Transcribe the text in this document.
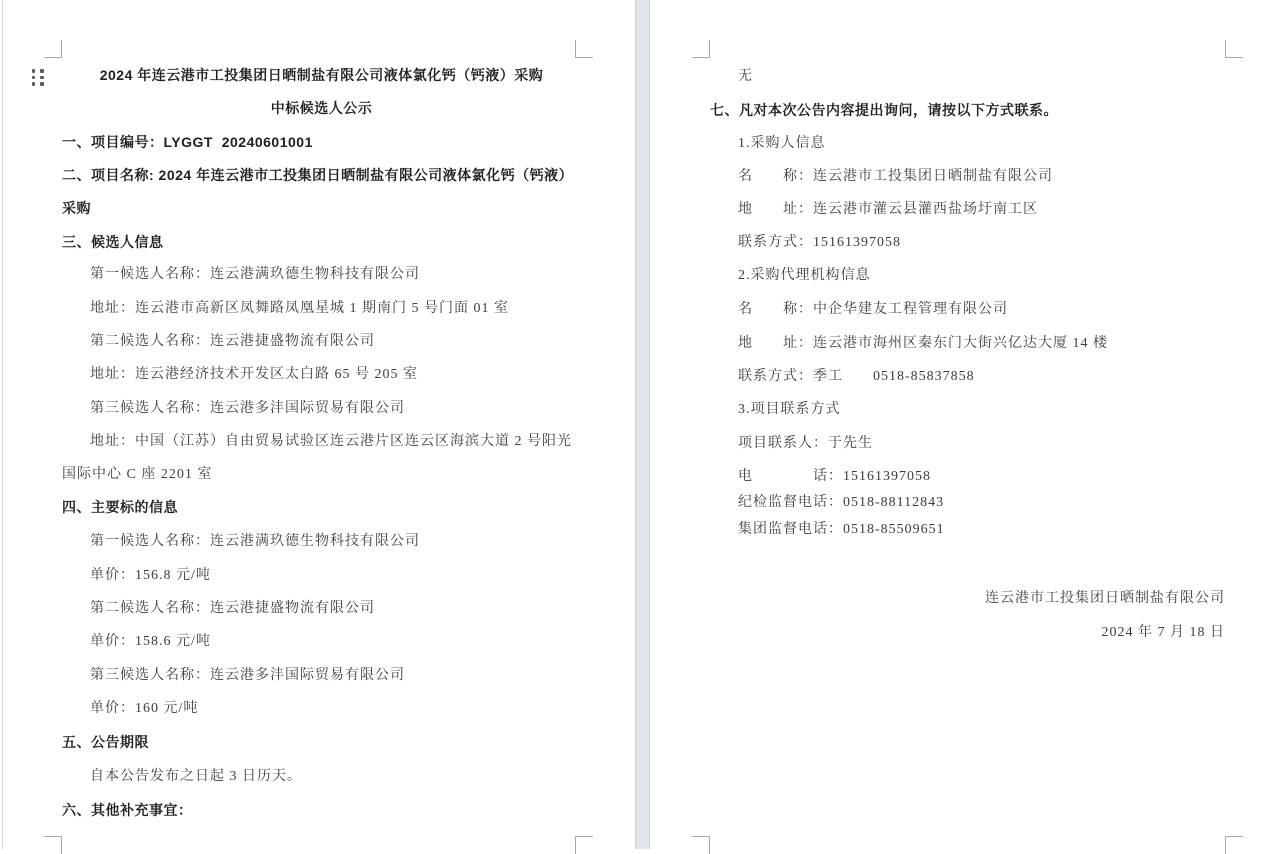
2024 年连云港市工投集团日晒制盐有限公司液体氯化钙（钙液）采购
中标候选人公示
一、项目编号：LYGGT  20240601001
二、项目名称: 2024 年连云港市工投集团日晒制盐有限公司液体氯化钙（钙液）
采购
三、候选人信息
第一候选人名称：连云港满玖德生物科技有限公司
地址：连云港市高新区凤舞路凤凰星城 1 期南门 5 号门面 01 室
第二候选人名称：连云港捷盛物流有限公司
地址：连云港经济技术开发区太白路 65 号 205 室
第三候选人名称：连云港多沣国际贸易有限公司
地址：中国（江苏）自由贸易试验区连云港片区连云区海滨大道 2 号阳光
国际中心 C 座 2201 室
四、主要标的信息
第一候选人名称：连云港满玖德生物科技有限公司
单价：156.8 元/吨
第二候选人名称：连云港捷盛物流有限公司
单价：158.6 元/吨
第三候选人名称：连云港多沣国际贸易有限公司
单价：160 元/吨
五、公告期限
自本公告发布之日起 3 日历天。
六、其他补充事宜：
无
七、凡对本次公告内容提出询问，请按以下方式联系。
1.采购人信息
名　　称：连云港市工投集团日晒制盐有限公司
地　　址：连云港市灌云县灌西盐场圩南工区
联系方式：15161397058
2.采购代理机构信息
名　　称：中企华建友工程管理有限公司
地　　址：连云港市海州区秦东门大街兴亿达大厦 14 楼
联系方式：季工　　0518-85837858
3.项目联系方式
项目联系人：于先生
电　　　　话：15161397058
纪检监督电话：0518-88112843
集团监督电话：0518-85509651
连云港市工投集团日晒制盐有限公司
2024 年 7 月 18 日
